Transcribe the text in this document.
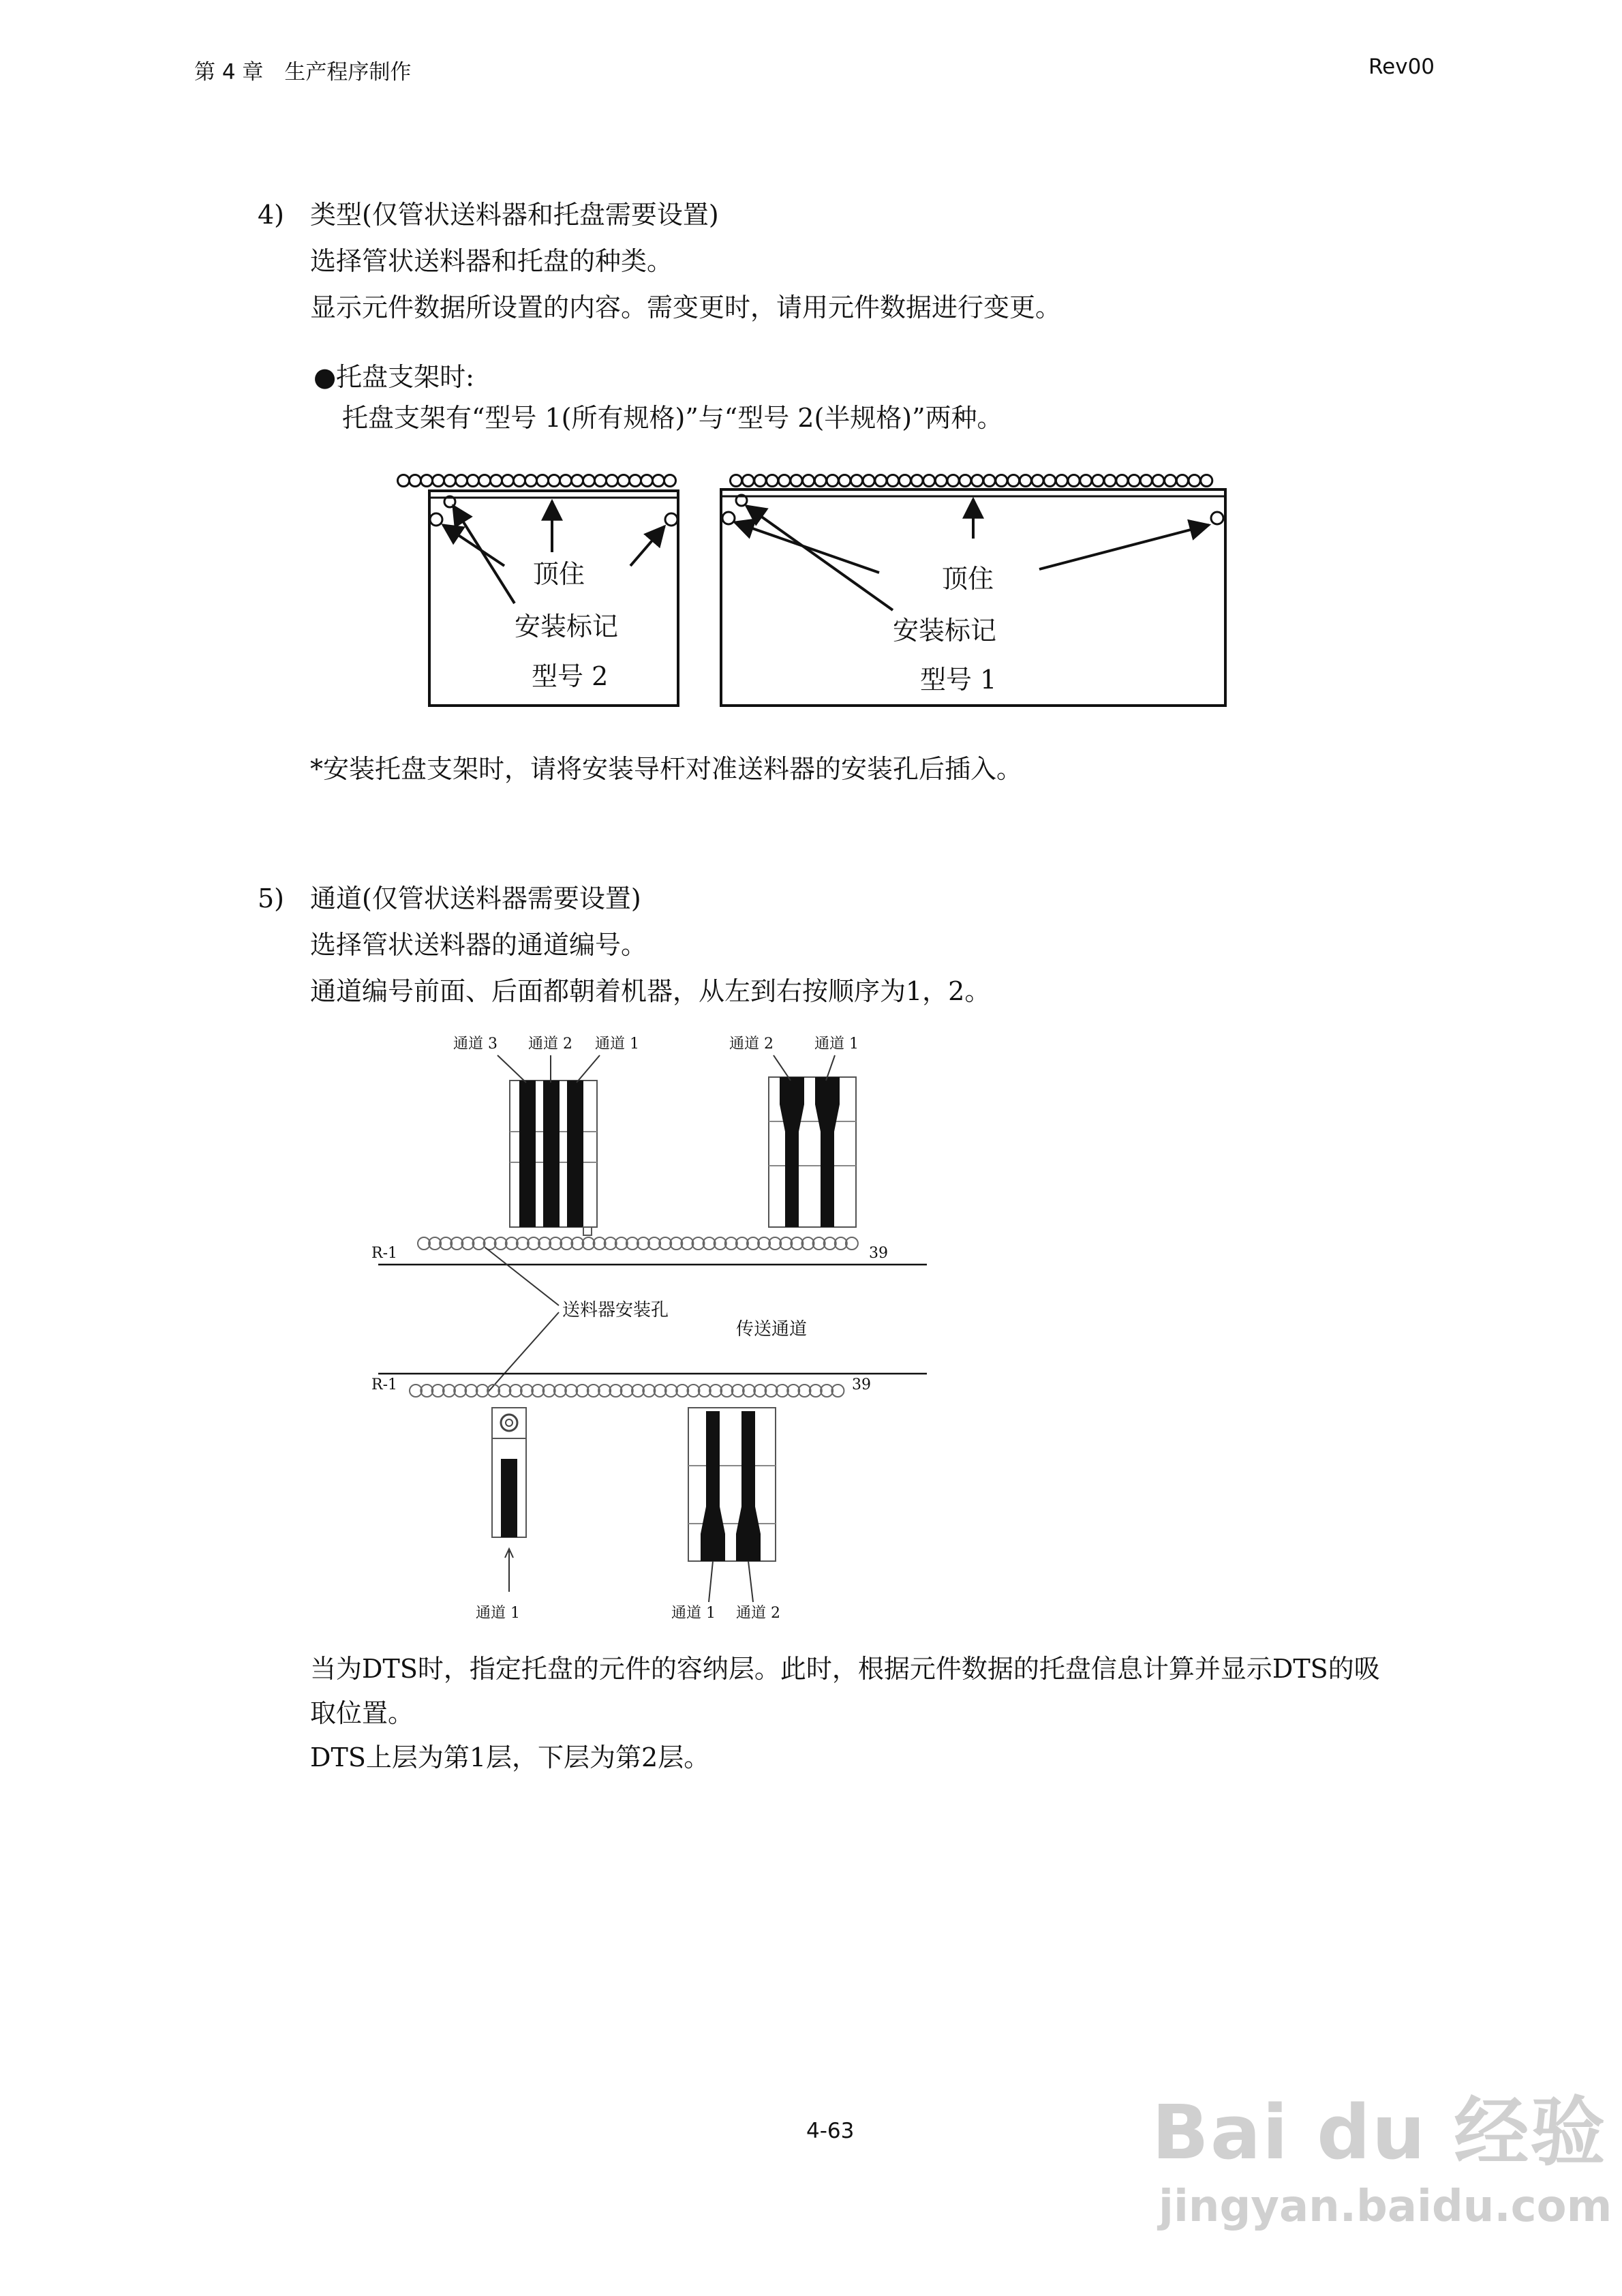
第 4 章　生产程序制作	Rev00
4) 类型(仅管状送料器和托盘需要设置)
选择管状送料器和托盘的种类。
显示元件数据所设置的内容。需变更时，请用元件数据进行变更。
●托盘支架时:
托盘支架有“型号 1(所有规格)”与“型号 2(半规格)”两种。
顶住
安装标记
型号 2
顶住
安装标记
型号 1
*安装托盘支架时，请将安装导杆对准送料器的安装孔后插入。
5) 通道(仅管状送料器需要设置)
选择管状送料器的通道编号。
通道编号前面、后面都朝着机器，从左到右按顺序为1，2。
通道 3 通道 2 通道 1	通道 2	通道 1
R-1	39
送料器安装孔
传送通道
R-1	39
通道 1	通道 1 通道 2
当为DTS时，指定托盘的元件的容纳层。此时，根据元件数据的托盘信息计算并显示DTS的吸
取位置。
DTS上层为第1层，下层为第2层。
4-63	Bai du 经验
jingyan.baidu.com
